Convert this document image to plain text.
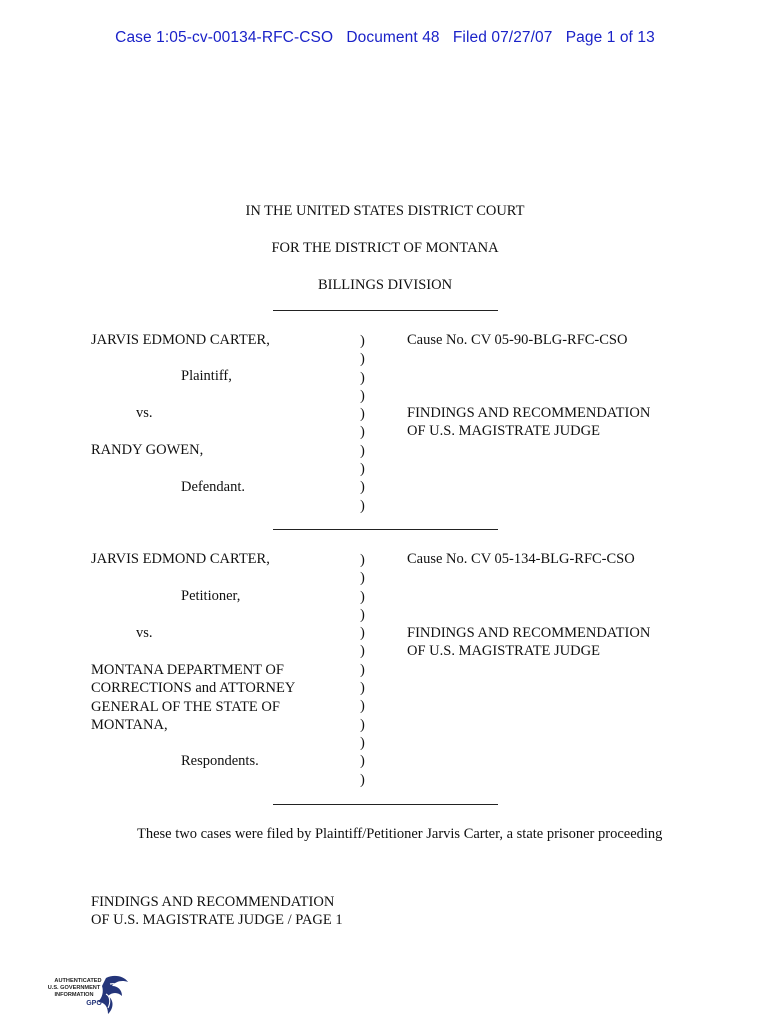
Case 1:05-cv-00134-RFC-CSO   Document 48   Filed 07/27/07   Page 1 of 13
IN THE UNITED STATES DISTRICT COURT
FOR THE DISTRICT OF MONTANA
BILLINGS DIVISION
JARVIS EDMOND CARTER,
Plaintiff,
vs.
RANDY GOWEN,
Defendant.
)
)
)
)
)
)
)
)
)
)
Cause No. CV 05-90-BLG-RFC-CSO
FINDINGS AND RECOMMENDATION
OF U.S. MAGISTRATE JUDGE
JARVIS EDMOND CARTER,
Petitioner,
vs.
MONTANA DEPARTMENT OF
CORRECTIONS and ATTORNEY
GENERAL OF THE STATE OF
MONTANA,
Respondents.
)
)
)
)
)
)
)
)
)
)
)
)
)
Cause No. CV 05-134-BLG-RFC-CSO
FINDINGS AND RECOMMENDATION
OF U.S. MAGISTRATE JUDGE
These two cases were filed by Plaintiff/Petitioner Jarvis Carter, a state prisoner proceeding
FINDINGS AND RECOMMENDATION
OF U.S. MAGISTRATE JUDGE / PAGE 1
AUTHENTICATED
U.S. GOVERNMENT
INFORMATION
GPO
